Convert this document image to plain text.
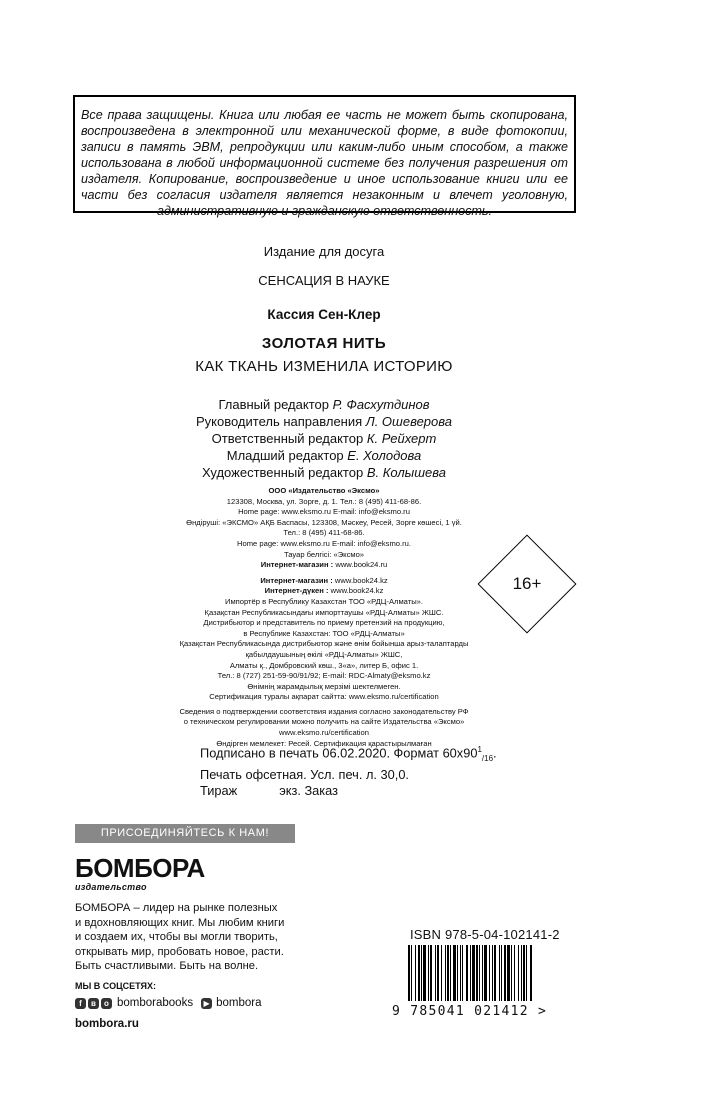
Все права защищены. Книга или любая ее часть не может быть скопирована, воспроизведена в электронной или механической форме, в виде фотокопии, записи в память ЭВМ, репродукции или каким-либо иным способом, а также использована в любой информационной системе без получения разрешения от издателя. Копирование, воспроизведение и иное использование книги или ее части без согласия издателя является незаконным и влечет уголовную, административную и гражданскую ответственность.

Издание для досуга
СЕНСАЦИЯ В НАУКЕ
Кассия Сен-Клер
ЗОЛОТАЯ НИТЬ
КАК ТКАНЬ ИЗМЕНИЛА ИСТОРИЮ
Главный редактор Р. Фасхутдинов
Руководитель направления Л. Ошеверова
Ответственный редактор К. Рейхерт
Младший редактор Е. Холодова
Художественный редактор В. Колышева
ООО «Издательство «Эксмо»
123308, Москва, ул. Зорге, д. 1. Тел.: 8 (495) 411-68-86.
Home page: www.eksmo.ru E-mail: info@eksmo.ru
Өндіруші: «ЭКСМО» АҚБ Баспасы, 123308, Мәскеу, Ресей, Зорге көшесі, 1 үй.
Тел.: 8 (495) 411-68-86.
Home page: www.eksmo.ru E-mail: info@eksmo.ru.
Тауар белгісі: «Эксмо»
Интернет-магазин : www.book24.ru
Интернет-магазин : www.book24.kz
Интернет-дүкен : www.book24.kz
Импортёр в Республику Казахстан ТОО «РДЦ-Алматы».
Қазақстан Республикасындағы импорттаушы «РДЦ-Алматы» ЖШС.
Дистрибьютор и представитель по приему претензий на продукцию,
в Республике Казахстан: ТОО «РДЦ-Алматы»
Қазақстан Республикасында дистрибьютор және өнім бойынша арыз-талаптарды
қабылдаушының өкілі «РДЦ-Алматы» ЖШС,
Алматы қ., Домбровский көш., 3«а», литер Б, офис 1.
Тел.: 8 (727) 251-59-90/91/92; E-mail: RDC-Almaty@eksmo.kz
Өнімнің жарамдылық мерзімі шектелмеген.
Сертификация туралы ақпарат сайтта: www.eksmo.ru/certification
Сведения о подтверждении соответствия издания согласно законодательству РФ
о техническом регулировании можно получить на сайте Издательства «Эксмо»
www.eksmo.ru/certification
Өндірген мемлекет: Ресей. Сертификация қарастырылмаған
16+
Подписано в печать 06.02.2020. Формат $60х90^1_{/16}$.
Печать офсетная. Усл. печ. л. 30,0.
Тираж	экз. Заказ
ПРИСОЕДИНЯЙТЕСЬ К НАМ!
БОМБОРА
издательство
БОМБОРА – лидер на рынке полезных
и вдохновляющих книг. Мы любим книги
и создаем их, чтобы вы могли творить,
открывать мир, пробовать новое, расти.
Быть счастливыми. Быть на волне.
МЫ В СОЦСЕТЯХ:
f	в	о bomborabooks	▶ bombora
bombora.ru
ISBN 978-5-04-102141-2
9 785041 021412 >
